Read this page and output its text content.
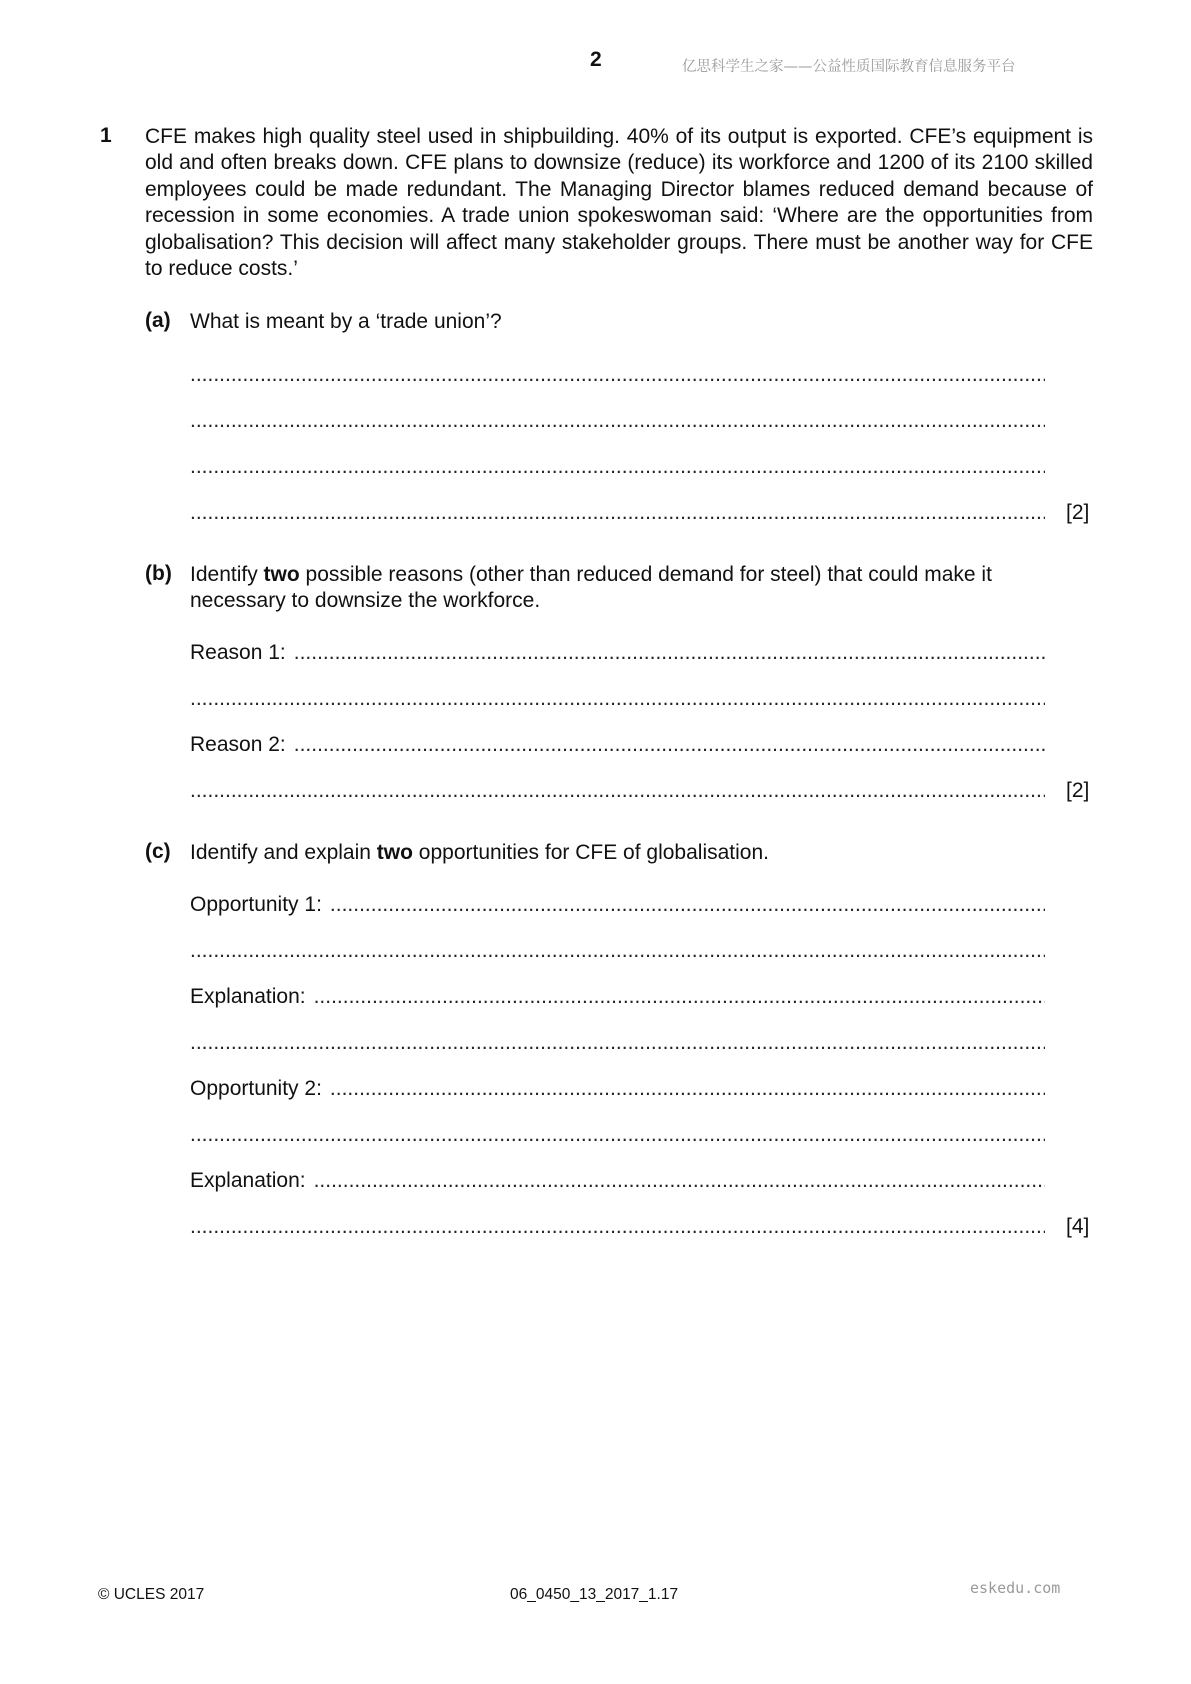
2	亿思科学生之家——公益性质国际教育信息服务平台
1 CFE makes high quality steel used in shipbuilding. 40% of its output is exported. CFE’s equipment is old and often breaks down. CFE plans to downsize (reduce) its workforce and 1200 of its 2100 skilled employees could be made redundant. The Managing Director blames reduced demand because of recession in some economies. A trade union spokeswoman said: ‘Where are the opportunities from globalisation? This decision will affect many stakeholder groups. There must be another way for CFE to reduce costs.’
(a) What is meant by a ‘trade union’?
.....
.....
.....
.....
[2]
(b) Identify two possible reasons (other than reduced demand for steel) that could make it necessary to downsize the workforce.
Reason 1:
.....
.....
Reason 2:
.....
.....
[2]
(c) Identify and explain two opportunities for CFE of globalisation.
Opportunity 1:
.....
.....
Explanation:
.....
.....
Opportunity 2:
.....
.....
Explanation:
.....
.....
[4]
eskedu.com
© UCLES 2017	06_0450_13_2017_1.17
